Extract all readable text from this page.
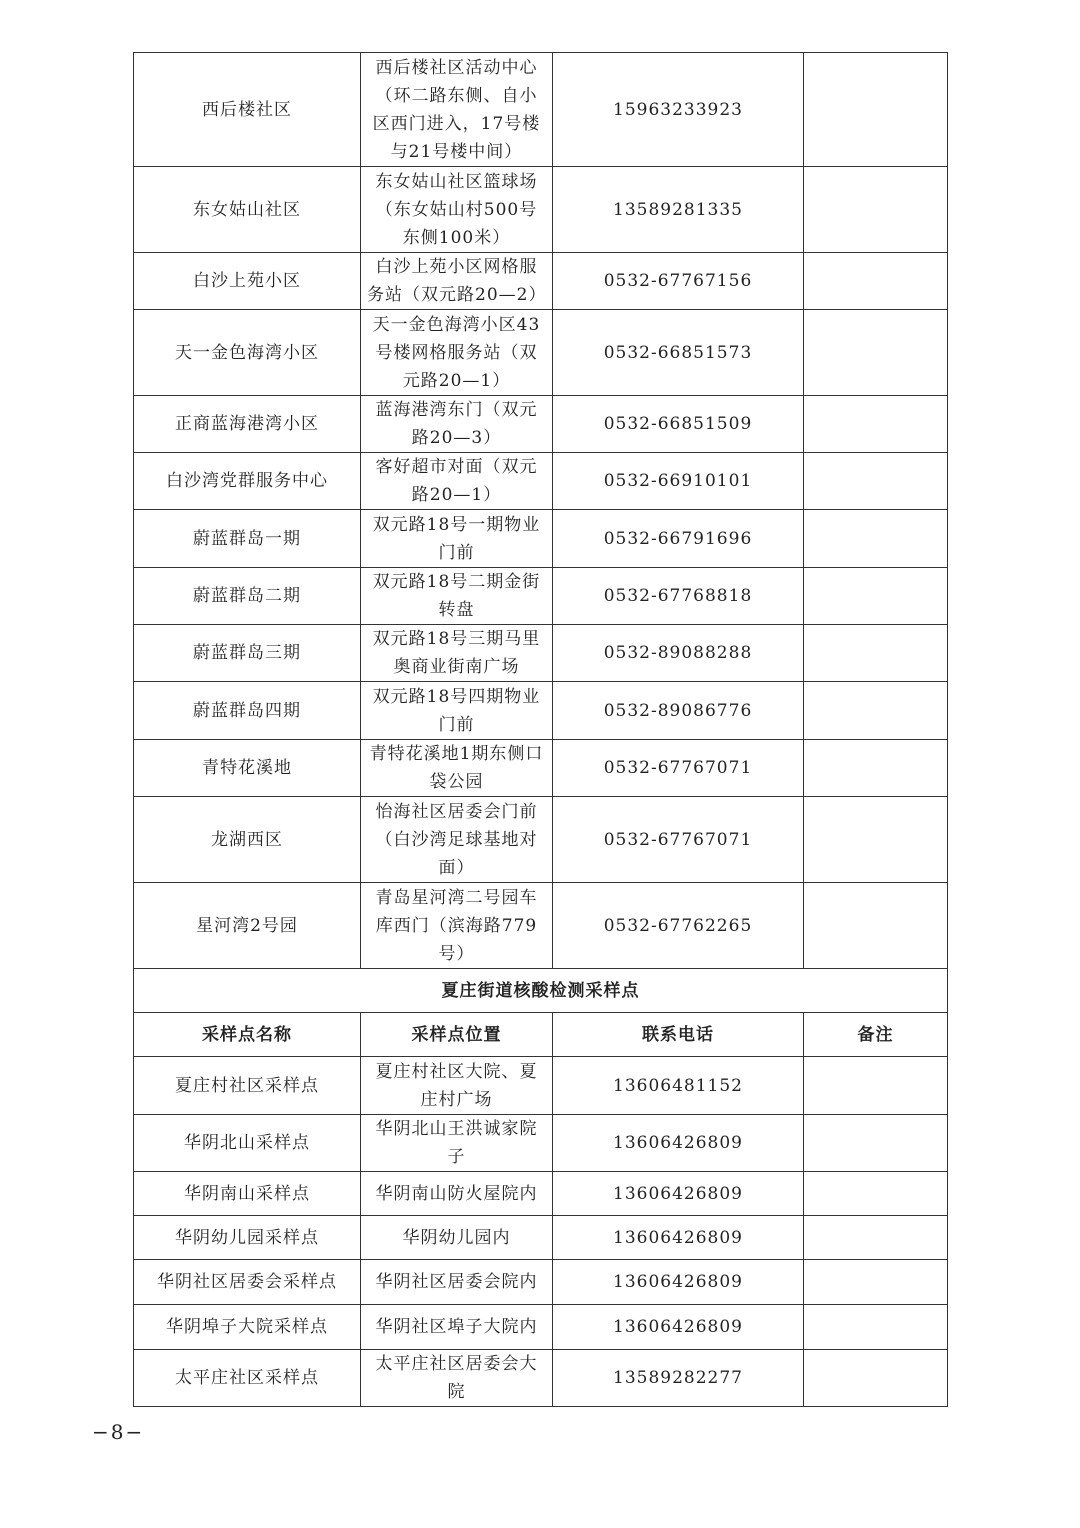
西后楼社区	西后楼社区活动中心（环二路东侧、自小区西门进入，17号楼与21号楼中间）	15963233923	
东女姑山社区	东女姑山社区篮球场（东女姑山村500号东侧100米）	13589281335	
白沙上苑小区	白沙上苑小区网格服务站（双元路20—2）	0532-67767156	
天一金色海湾小区	天一金色海湾小区43号楼网格服务站（双元路20—1）	0532-66851573	
正商蓝海港湾小区	蓝海港湾东门（双元路20—3）	0532-66851509	
白沙湾党群服务中心	客好超市对面（双元路20—1）	0532-66910101	
蔚蓝群岛一期	双元路18号一期物业门前	0532-66791696	
蔚蓝群岛二期	双元路18号二期金街转盘	0532-67768818	
蔚蓝群岛三期	双元路18号三期马里奥商业街南广场	0532-89088288	
蔚蓝群岛四期	双元路18号四期物业门前	0532-89086776	
青特花溪地	青特花溪地1期东侧口袋公园	0532-67767071	
龙湖西区	怡海社区居委会门前（白沙湾足球基地对面）	0532-67767071	
星河湾2号园	青岛星河湾二号园车库西门（滨海路779号）	0532-67762265	
夏庄街道核酸检测采样点			
采样点名称	采样点位置	联系电话	备注
夏庄村社区采样点	夏庄村社区大院、夏庄村广场	13606481152	
华阴北山采样点	华阴北山王洪诚家院子	13606426809	
华阴南山采样点	华阴南山防火屋院内	13606426809	
华阴幼儿园采样点	华阴幼儿园内	13606426809	
华阴社区居委会采样点	华阴社区居委会院内	13606426809	
华阴埠子大院采样点	华阴社区埠子大院内	13606426809	
太平庄社区采样点	太平庄社区居委会大院	13589282277	
−8−
